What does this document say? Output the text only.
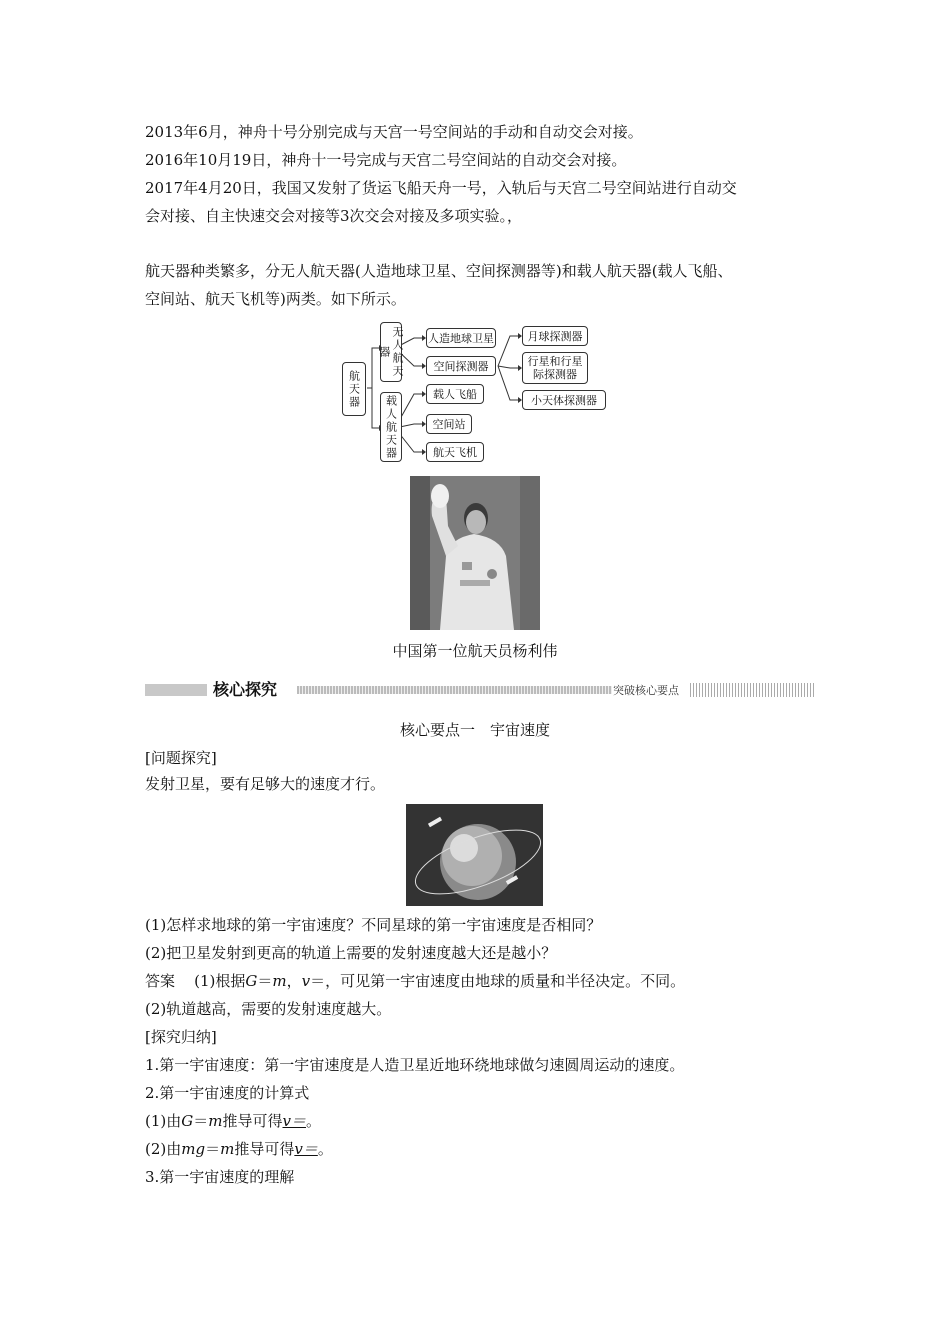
2013年6月，神舟十号分别完成与天宫一号空间站的手动和自动交会对接。
2016年10月19日，神舟十一号完成与天宫二号空间站的自动交会对接。
2017年4月20日，我国又发射了货运飞船天舟一号，入轨后与天宫二号空间站进行自动交
会对接、自主快速交会对接等3次交会对接及多项实验。，
航天器种类繁多，分无人航天器(人造地球卫星、空间探测器等)和载人航天器(载人飞船、
空间站、航天飞机等)两类。如下所示。
航天器
无人航天器
载人航天器
人造地球卫星
空间探测器
月球探测器
行星和行星际探测器
小天体探测器
载人飞船
空间站
航天飞机
中国第一位航天员杨利伟
核心探究	突破核心要点
核心要点一　宇宙速度
[问题探究]
发射卫星，要有足够大的速度才行。
(1)怎样求地球的第一宇宙速度？不同星球的第一宇宙速度是否相同？
(2)把卫星发射到更高的轨道上需要的发射速度越大还是越小？
答案 (1)根据G＝m，v＝，可见第一宇宙速度由地球的质量和半径决定。不同。
(2)轨道越高，需要的发射速度越大。
[探究归纳]
1.第一宇宙速度：第一宇宙速度是人造卫星近地环绕地球做匀速圆周运动的速度。
2.第一宇宙速度的计算式
(1)由G＝m推导可得v＝。
(2)由mg＝m推导可得v＝。
3.第一宇宙速度的理解
